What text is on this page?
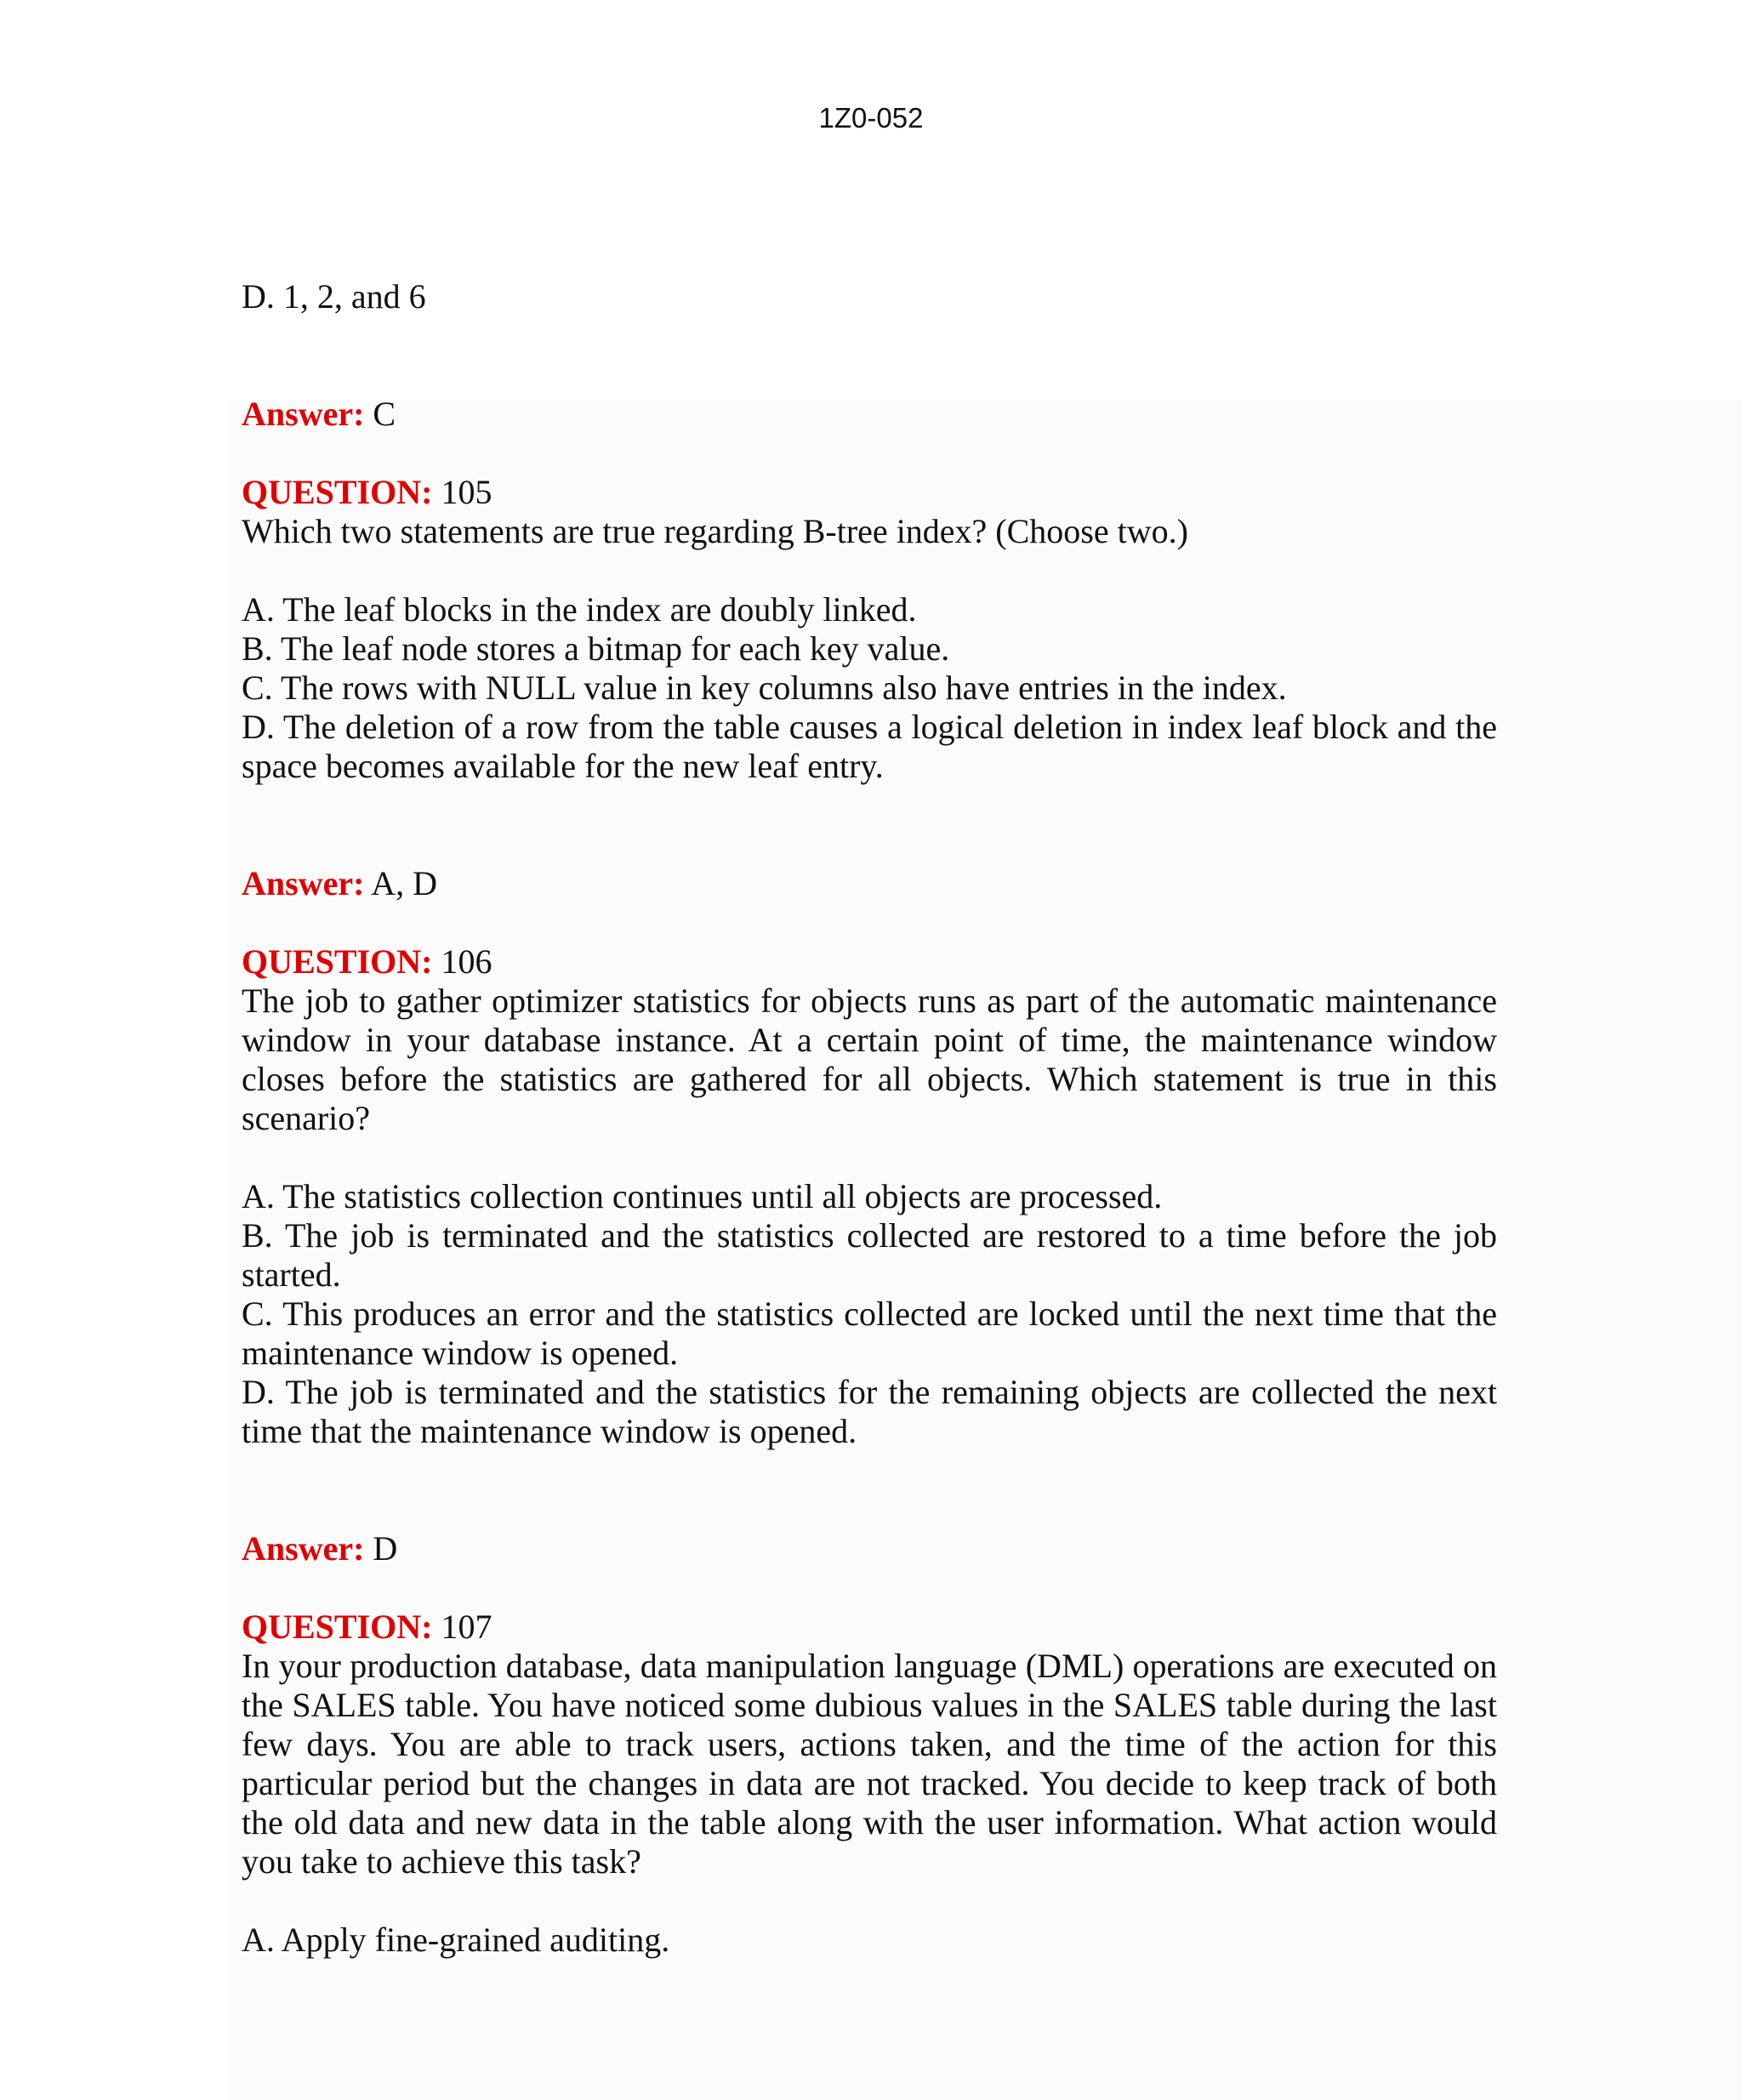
1Z0-052

D. 1, 2, and 6

Answer: C

QUESTION: 105

Which two statements are true regarding B-tree index? (Choose two.)

A. The leaf blocks in the index are doubly linked.

B. The leaf node stores a bitmap for each key value.

C. The rows with NULL value in key columns also have entries in the index.

D. The deletion of a row from the table causes a logical deletion in index leaf block and the space becomes available for the new leaf entry.

Answer: A, D

QUESTION: 106

The job to gather optimizer statistics for objects runs as part of the automatic maintenance window in your database instance. At a certain point of time, the maintenance window closes before the statistics are gathered for all objects. Which statement is true in this scenario?

A. The statistics collection continues until all objects are processed.

B. The job is terminated and the statistics collected are restored to a time before the job started.

C. This produces an error and the statistics collected are locked until the next time that the maintenance window is opened.

D. The job is terminated and the statistics for the remaining objects are collected the next time that the maintenance window is opened.

Answer: D

QUESTION: 107

In your production database, data manipulation language (DML) operations are executed on the SALES table. You have noticed some dubious values in the SALES table during the last few days. You are able to track users, actions taken, and the time of the action for this particular period but the changes in data are not tracked. You decide to keep track of both the old data and new data in the table along with the user information. What action would you take to achieve this task?

A. Apply fine-grained auditing.
